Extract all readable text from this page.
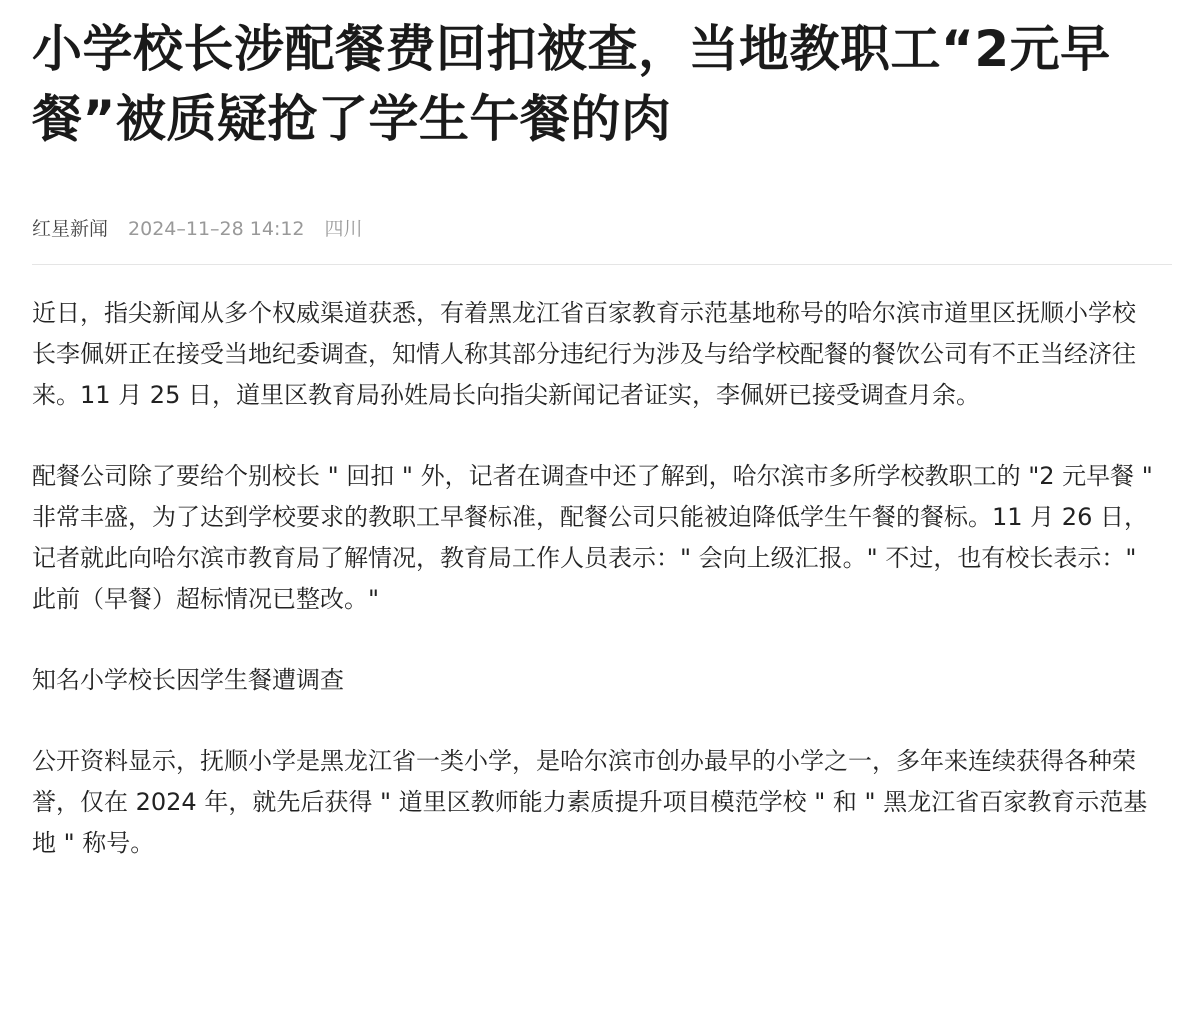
小学校长涉配餐费回扣被查，当地教职工“2元早餐”被质疑抢了学生午餐的肉
红星新闻 2024–11–28 14:12 四川

近日，指尖新闻从多个权威渠道获悉，有着黑龙江省百家教育示范基地称号的哈尔滨市道里区抚顺小学校长李佩妍正在接受当地纪委调查，知情人称其部分违纪行为涉及与给学校配餐的餐饮公司有不正当经济往来。11 月 25 日，道里区教育局孙姓局长向指尖新闻记者证实，李佩妍已接受调查月余。

配餐公司除了要给个别校长 " 回扣 " 外，记者在调查中还了解到，哈尔滨市多所学校教职工的 "2 元早餐 " 非常丰盛，为了达到学校要求的教职工早餐标准，配餐公司只能被迫降低学生午餐的餐标。11 月 26 日，记者就此向哈尔滨市教育局了解情况，教育局工作人员表示：" 会向上级汇报。" 不过，也有校长表示：" 此前（早餐）超标情况已整改。"

知名小学校长因学生餐遭调查

公开资料显示，抚顺小学是黑龙江省一类小学，是哈尔滨市创办最早的小学之一，多年来连续获得各种荣誉，仅在 2024 年，就先后获得 " 道里区教师能力素质提升项目模范学校 " 和 " 黑龙江省百家教育示范基地 " 称号。
